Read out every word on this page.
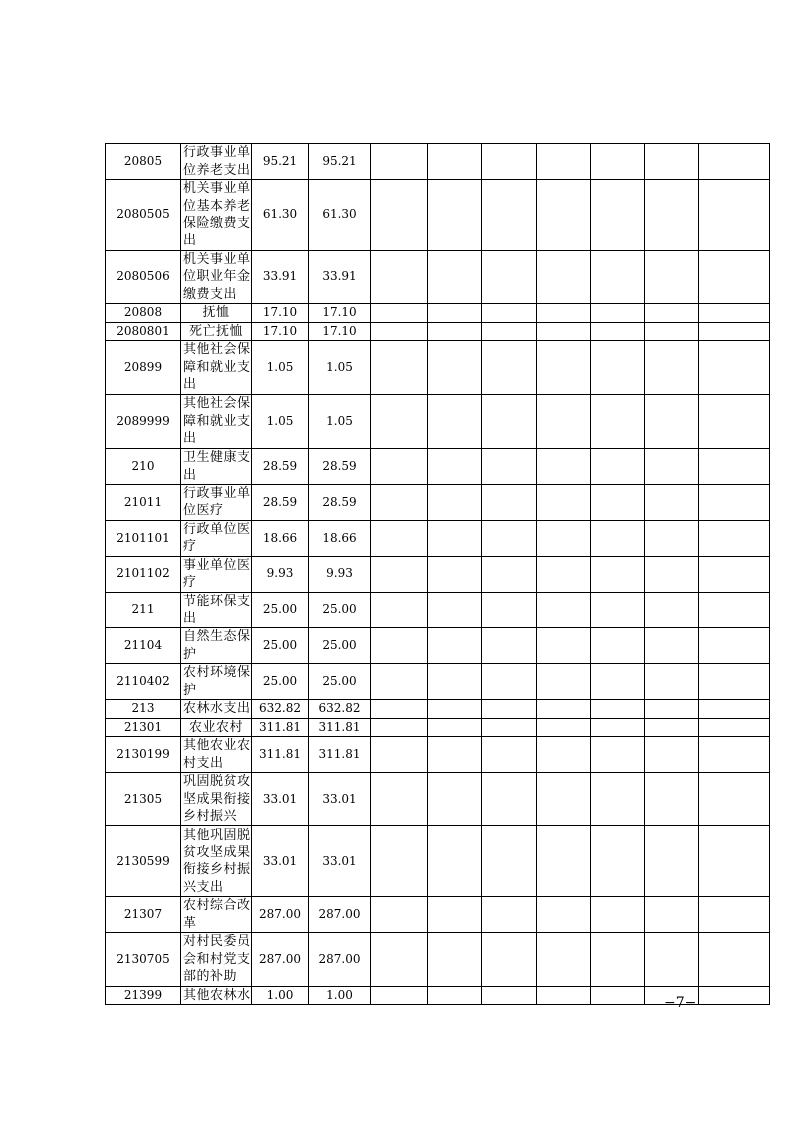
20805	行政事业单
位养老支出	95.21	95.21							
2080505	机关事业单
位基本养老
保险缴费支
出	61.30	61.30							
2080506	机关事业单
位职业年金
缴费支出	33.91	33.91							
20808	抚恤	17.10	17.10							
2080801	死亡抚恤	17.10	17.10							
20899	其他社会保
障和就业支
出	1.05	1.05							
2089999	其他社会保
障和就业支
出	1.05	1.05							
210	卫生健康支
出	28.59	28.59							
21011	行政事业单
位医疗	28.59	28.59							
2101101	行政单位医
疗	18.66	18.66							
2101102	事业单位医
疗	9.93	9.93							
211	节能环保支
出	25.00	25.00							
21104	自然生态保
护	25.00	25.00							
2110402	农村环境保
护	25.00	25.00							
213	农林水支出	632.82	632.82							
21301	农业农村	311.81	311.81							
2130199	其他农业农
村支出	311.81	311.81							
21305	巩固脱贫攻
坚成果衔接
乡村振兴	33.01	33.01							
2130599	其他巩固脱
贫攻坚成果
衔接乡村振
兴支出	33.01	33.01							
21307	农村综合改
革	287.00	287.00							
2130705	对村民委员
会和村党支
部的补助	287.00	287.00							
21399	其他农林水	1.00	1.00							
−7−
